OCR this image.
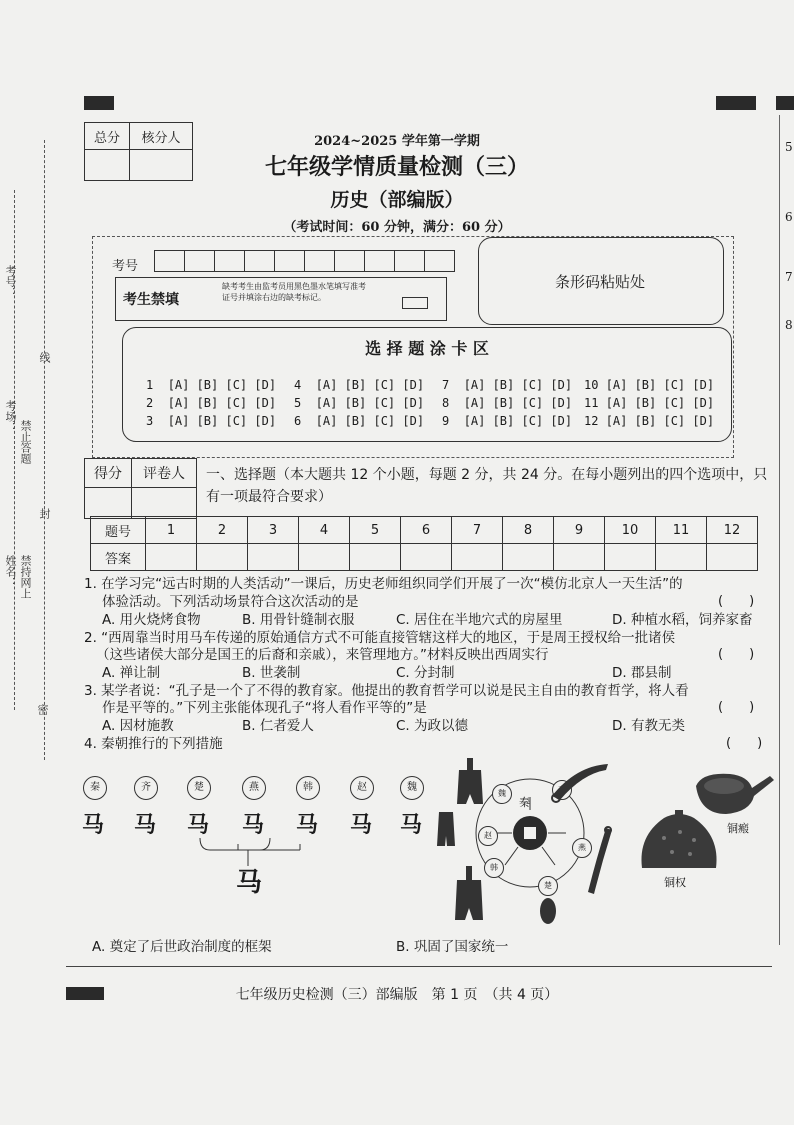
考号：
考场：
线
禁止答题
封
姓名： 禁持网上
密
5
6
7
8
总分	核分人
		2024~2025 学年第一学期
七年级学情质量检测（三）
历史（部编版）
（考试时间：60 分钟，满分：60 分）
考号
考生禁填
缺考考生由监考员用黑色墨水笔填写准考证号并填涂右边的缺考标记。
条形码粘贴处
选 择 题 涂 卡 区
1 [A] [B] [C] [D]
2 [A] [B] [C] [D]
3 [A] [B] [C] [D]
4 [A] [B] [C] [D]
5 [A] [B] [C] [D]
6 [A] [B] [C] [D]
7 [A] [B] [C] [D]
8 [A] [B] [C] [D]
9 [A] [B] [C] [D]
10 [A] [B] [C] [D]
11 [A] [B] [C] [D]
12 [A] [B] [C] [D]
得分	评卷人
	一、选择题（本大题共 12 个小题，每题 2 分，共 24 分。在每小题列出的四个选项中，只
有一项最符合要求）
题号	1	2	3	4	5	6	7	8	9	10	11	12
答案												
1. 在学习完“远古时期的人类活动”一课后，历史老师组织同学们开展了一次“模仿北京人一天生活”的
体验活动。下列活动场景符合这次活动的是	(　　)
A. 用火烧烤食物	B. 用骨针缝制衣服	C. 居住在半地穴式的房屋里	D. 种植水稻，饲养家畜
2. “西周靠当时用马车传递的原始通信方式不可能直接管辖这样大的地区，于是周王授权给一批诸侯
（这些诸侯大部分是国王的后裔和亲戚），来管理地方。”材料反映出西周实行	(　　)
A. 禅让制	B. 世袭制	C. 分封制	D. 郡县制
3. 某学者说：“孔子是一个了不得的教育家。他提出的教育哲学可以说是民主自由的教育哲学，将人看
作是平等的。”下列主张能体现孔子“将人看作平等的”是	(　　)
A. 因材施教	B. 仁者爱人	C. 为政以德	D. 有教无类
4. 秦朝推行的下列措施	(　　)
秦	齐	楚	燕	韩	赵	魏
马 马 马 马 马 马 马
马
秦
魏
赵
燕
韩
楚
铜瘢
铜权
A. 奠定了后世政治制度的框架	B. 巩固了国家统一
七年级历史检测（三）部编版　第 1 页　（共 4 页）
